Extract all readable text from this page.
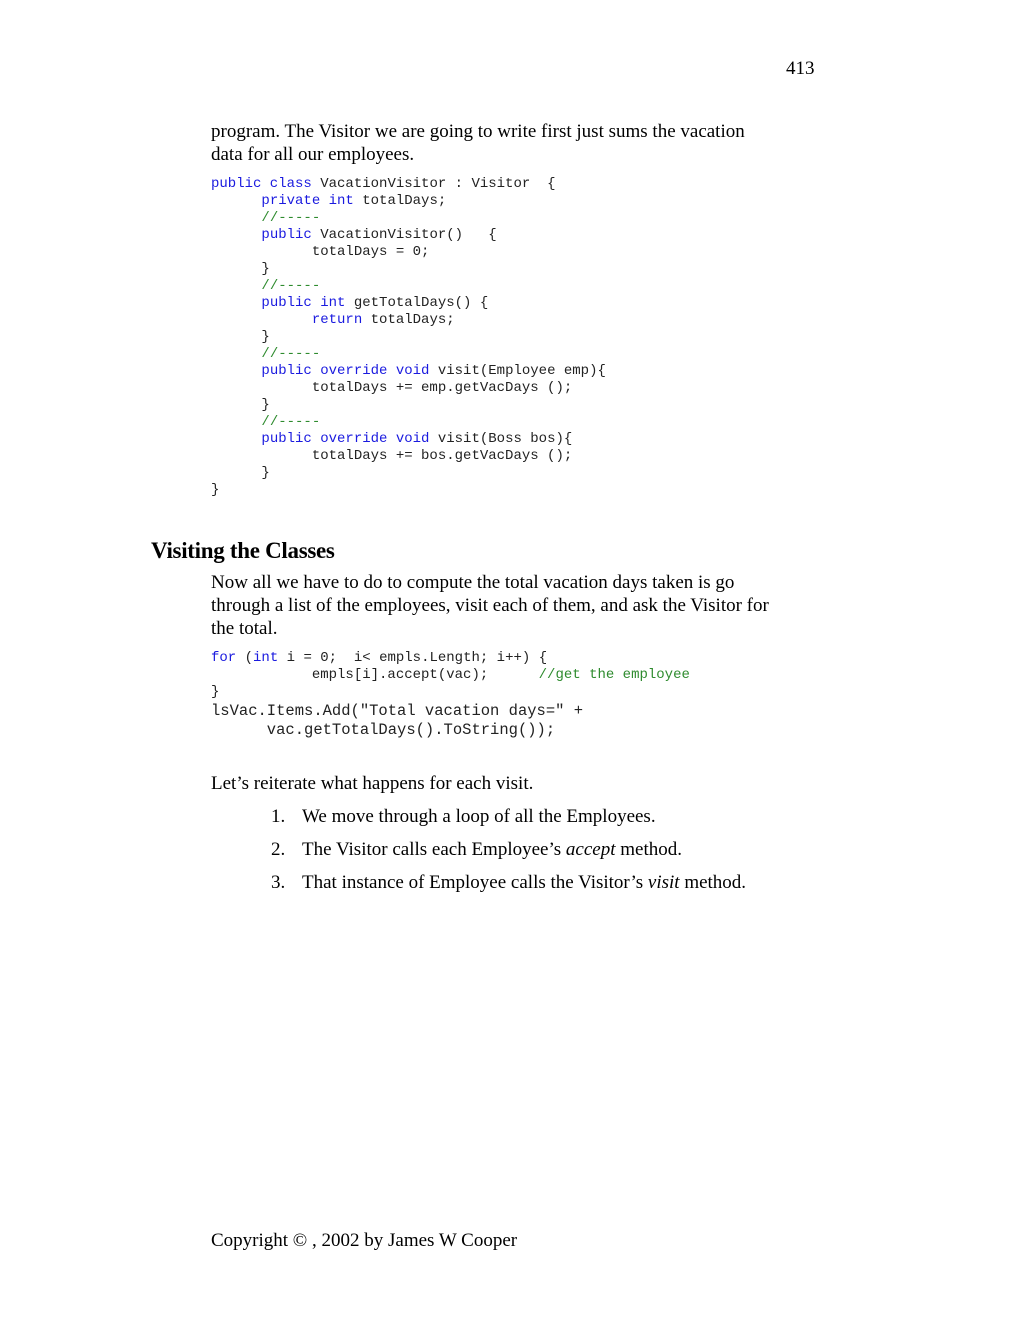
413

program. The Visitor we are going to write first just sums the vacation
data for all our employees.

public class VacationVisitor : Visitor  {
private int totalDays;
//-----
public VacationVisitor()   {
totalDays = 0;
}
//-----
public int getTotalDays() {
return totalDays;
}
//-----
public override void visit(Employee emp){
totalDays += emp.getVacDays ();
}
//-----
public override void visit(Boss bos){
totalDays += bos.getVacDays ();
}
}
Visiting the Classes

Now all we have to do to compute the total vacation days taken is go
through a list of the employees, visit each of them, and ask the Visitor for
the total.

for (int i = 0;  i< empls.Length; i++) {
empls[i].accept(vac);      //get the employee
}
lsVac.Items.Add("Total vacation days=" +
vac.getTotalDays().ToString());

Let’s reiterate what happens for each visit.

1. We move through a loop of all the Employees.
2. The Visitor calls each Employee’s accept method.
3. That instance of Employee calls the Visitor’s visit method.
Copyright © , 2002 by James W Cooper
